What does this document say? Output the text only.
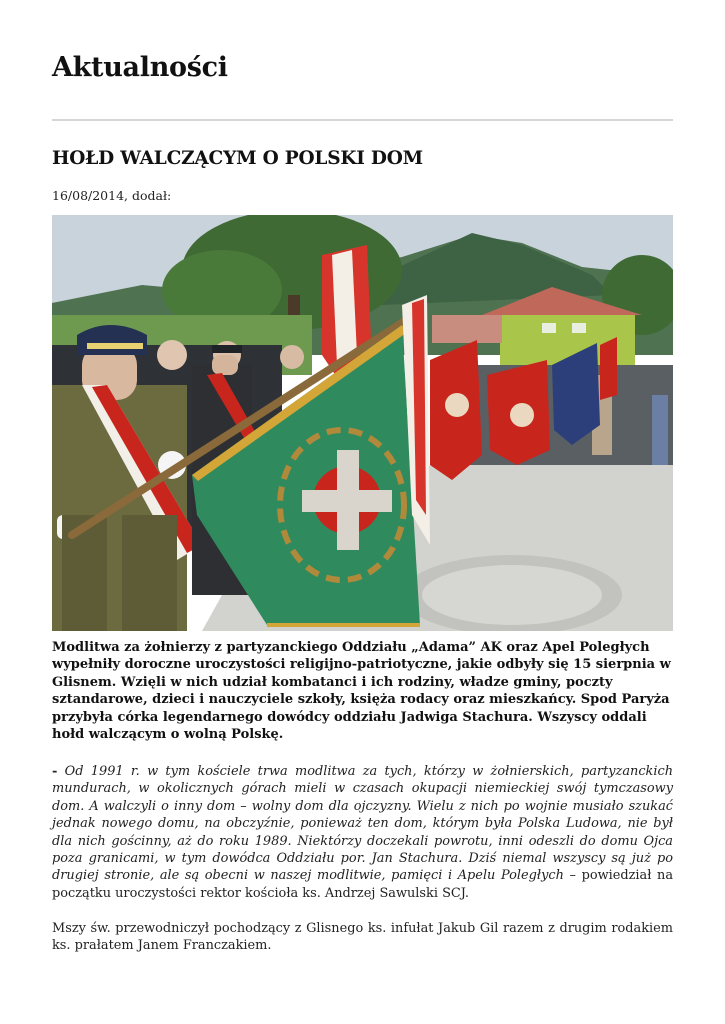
Aktualności
HOŁD WALCZĄCYM O POLSKI DOM
16/08/2014, dodał:

Modlitwa za żołnierzy z partyzanckiego Oddziału „Adama” AK oraz Apel Poległych wypełniły doroczne uroczystości religijno-patriotyczne, jakie odbyły się 15 sierpnia w Glisnem. Wzięli w nich udział kombatanci i ich rodziny, władze gminy, poczty sztandarowe, dzieci i nauczyciele szkoły, księża rodacy oraz mieszkańcy. Spod Paryża przybyła córka legendarnego dowódcy oddziału Jadwiga Stachura. Wszyscy oddali hołd walczącym o wolną Polskę.

- Od 1991 r. w tym kościele trwa modlitwa za tych, którzy w żołnierskich, partyzanckich mundurach, w okolicznych górach mieli w czasach okupacji niemieckiej swój tymczasowy dom. A walczyli o inny dom – wolny dom dla ojczyzny. Wielu z nich po wojnie musiało szukać jednak nowego domu, na obczyźnie, ponieważ ten dom, którym była Polska Ludowa, nie był dla nich gościnny, aż do roku 1989. Niektórzy doczekali powrotu, inni odeszli do domu Ojca poza granicami, w tym dowódca Oddziału por. Jan Stachura. Dziś niemal wszyscy są już po drugiej stronie, ale są obecni w naszej modlitwie, pamięci i Apelu Poległych – powiedział na początku uroczystości rektor kościoła ks. Andrzej Sawulski SCJ.

Mszy św. przewodniczył pochodzący z Glisnego ks. infułat Jakub Gil razem z drugim rodakiem ks. prałatem Janem Franczakiem.
